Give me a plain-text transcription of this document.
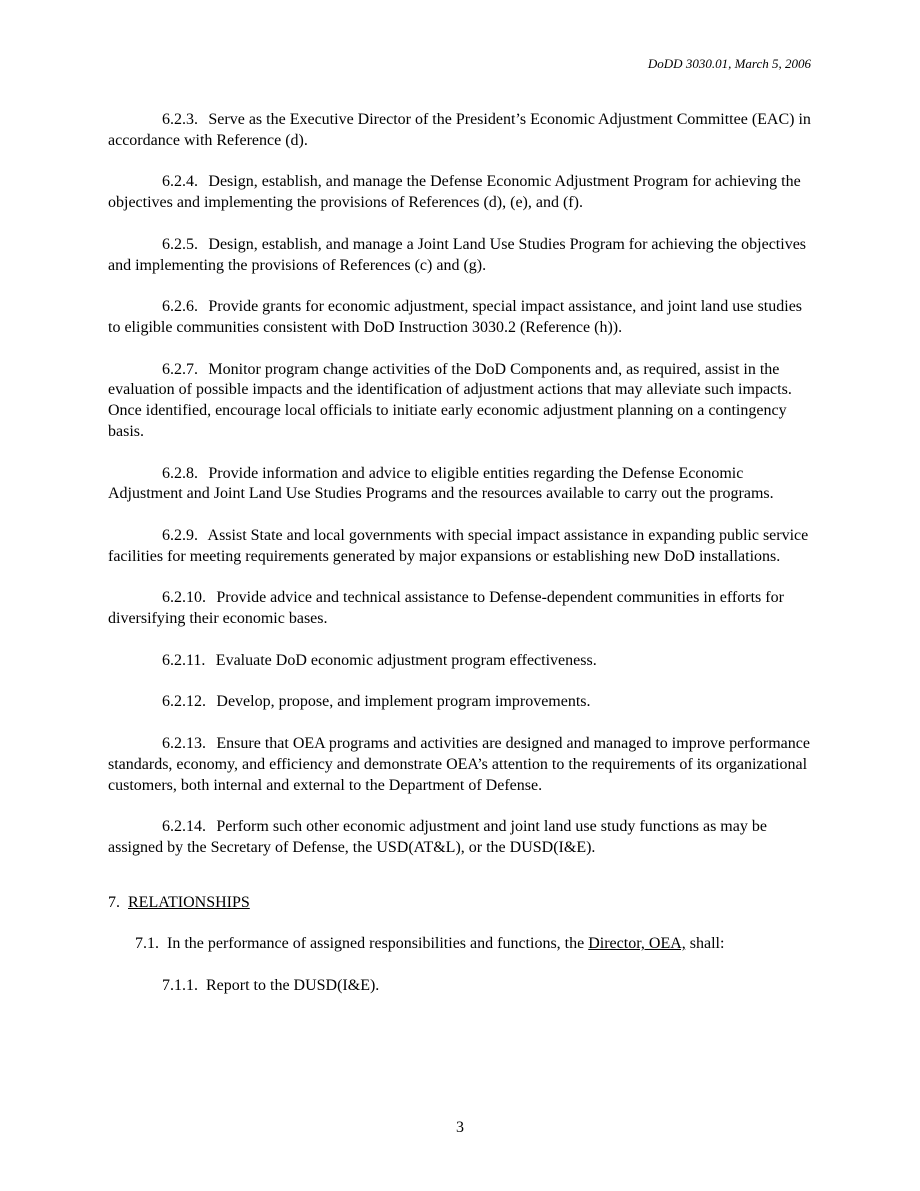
DoDD 3030.01, March 5, 2006

6.2.3. Serve as the Executive Director of the President’s Economic Adjustment Committee (EAC) in accordance with Reference (d).

6.2.4. Design, establish, and manage the Defense Economic Adjustment Program for achieving the objectives and implementing the provisions of References (d), (e), and (f).

6.2.5. Design, establish, and manage a Joint Land Use Studies Program for achieving the objectives and implementing the provisions of References (c) and (g).

6.2.6. Provide grants for economic adjustment, special impact assistance, and joint land use studies to eligible communities consistent with DoD Instruction 3030.2 (Reference (h)).

6.2.7. Monitor program change activities of the DoD Components and, as required, assist in the evaluation of possible impacts and the identification of adjustment actions that may alleviate such impacts.  Once identified, encourage local officials to initiate early economic adjustment planning on a contingency basis.

6.2.8. Provide information and advice to eligible entities regarding the Defense Economic Adjustment and Joint Land Use Studies Programs and the resources available to carry out the programs.

6.2.9. Assist State and local governments with special impact assistance in expanding public service facilities for meeting requirements generated by major expansions or establishing new DoD installations.

6.2.10. Provide advice and technical assistance to Defense-dependent communities in efforts for diversifying their economic bases.

6.2.11. Evaluate DoD economic adjustment program effectiveness.

6.2.12. Develop, propose, and implement program improvements.

6.2.13. Ensure that OEA programs and activities are designed and managed to improve performance standards, economy, and efficiency and demonstrate OEA’s attention to the requirements of its organizational customers, both internal and external to the Department of Defense.

6.2.14. Perform such other economic adjustment and joint land use study functions as may be assigned by the Secretary of Defense, the USD(AT&L), or the DUSD(I&E).

7. RELATIONSHIPS

7.1. In the performance of assigned responsibilities and functions, the Director, OEA, shall:

7.1.1. Report to the DUSD(I&E).

3
